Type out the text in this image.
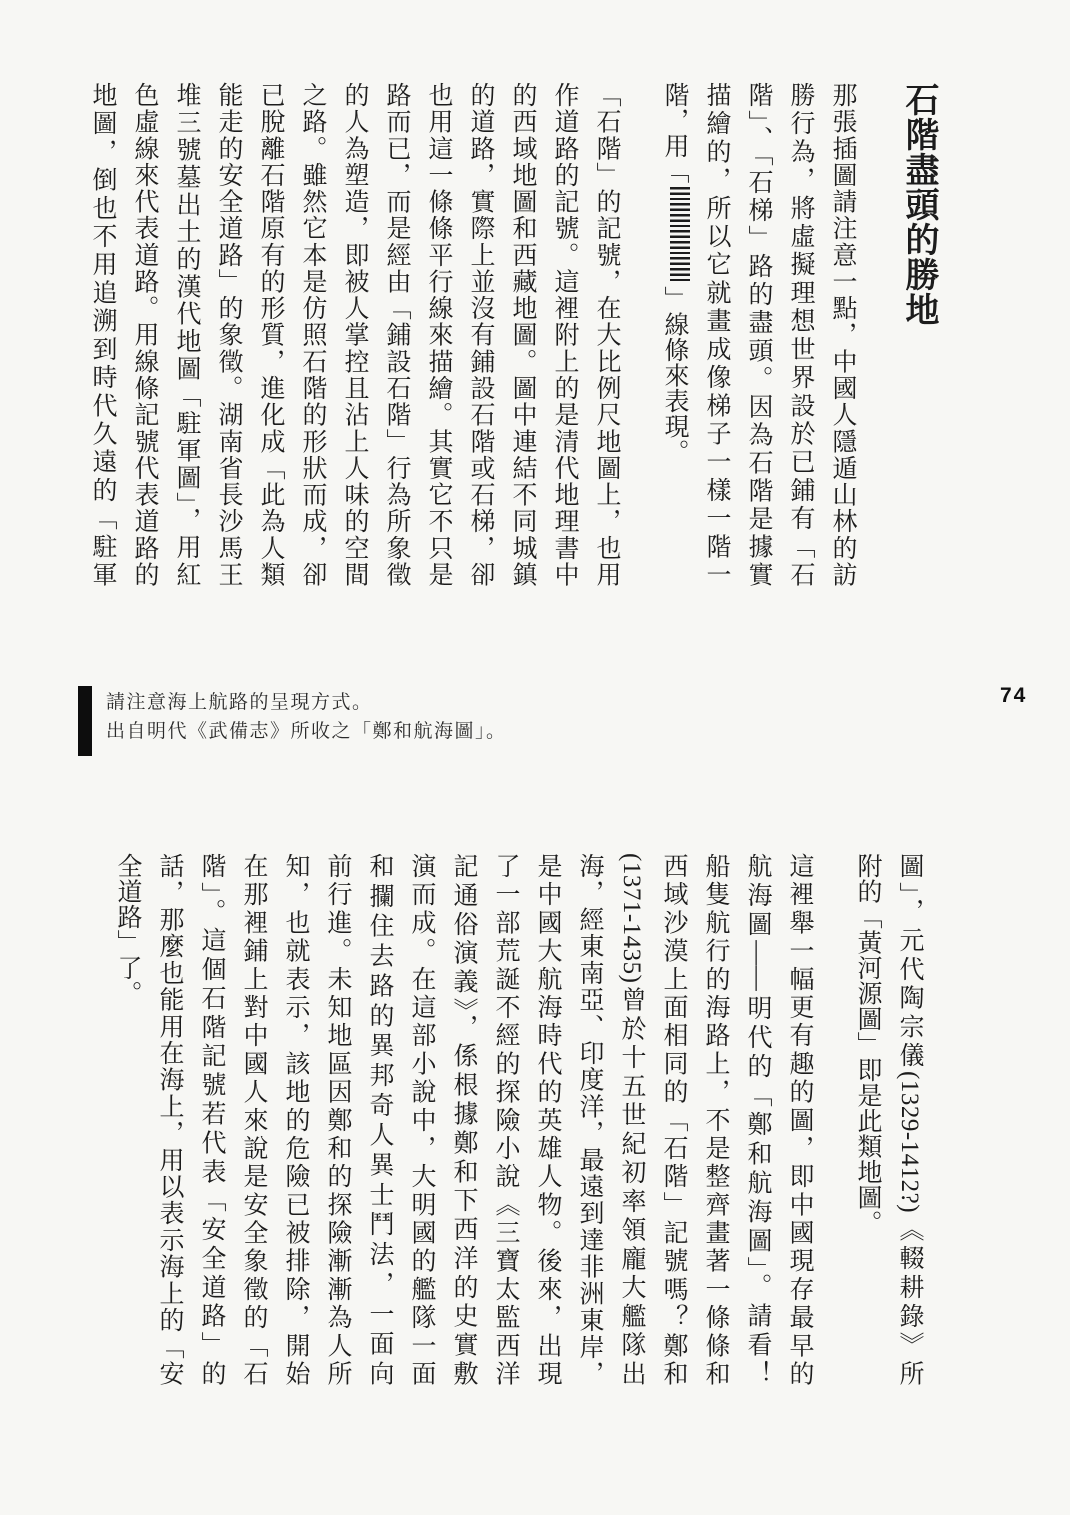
石階盡頭的勝地
那張插圖請注意一點，中國人隱遁山林的訪
勝行為，將虛擬理想世界設於已鋪有「石
階」、「石梯」路的盡頭。因為石階是據實
描繪的，所以它就畫成像梯子一樣一階一
階，用「」線條來表現。
「石階」的記號，在大比例尺地圖上，也用
作道路的記號。這裡附上的是清代地理書中
的西域地圖和西藏地圖。圖中連結不同城鎮
的道路，實際上並沒有鋪設石階或石梯，卻
也用這一條條平行線來描繪。其實它不只是
路而已，而是經由「鋪設石階」行為所象徵
的人為塑造，即被人掌控且沾上人味的空間
之路。雖然它本是仿照石階的形狀而成，卻
已脫離石階原有的形質，進化成「此為人類
能走的安全道路」的象徵。湖南省長沙馬王
堆三號墓出土的漢代地圖「駐軍圖」，用紅
色虛線來代表道路。用線條記號代表道路的
地圖，倒也不用追溯到時代久遠的「駐軍
請注意海上航路的呈現方式。
出自明代《武備志》所收之「鄭和航海圖」。
74
圖」，元代陶宗儀(1329-1412?)《輟耕錄》所
附的「黃河源圖」即是此類地圖。
這裡舉一幅更有趣的圖，即中國現存最早的
航海圖——明代的「鄭和航海圖」。請看！
船隻航行的海路上，不是整齊畫著一條條和
西域沙漠上面相同的「石階」記號嗎？鄭和
(1371-1435)曾於十五世紀初率領龐大艦隊出
海，經東南亞、印度洋，最遠到達非洲東岸，
是中國大航海時代的英雄人物。後來，出現
了一部荒誕不經的探險小說《三寶太監西洋
記通俗演義》，係根據鄭和下西洋的史實敷
演而成。在這部小說中，大明國的艦隊一面
和攔住去路的異邦奇人異士鬥法，一面向
前行進。未知地區因鄭和的探險漸漸為人所
知，也就表示，該地的危險已被排除，開始
在那裡鋪上對中國人來說是安全象徵的「石
階」。這個石階記號若代表「安全道路」的
話，那麼也能用在海上，用以表示海上的「安
全道路」了。
